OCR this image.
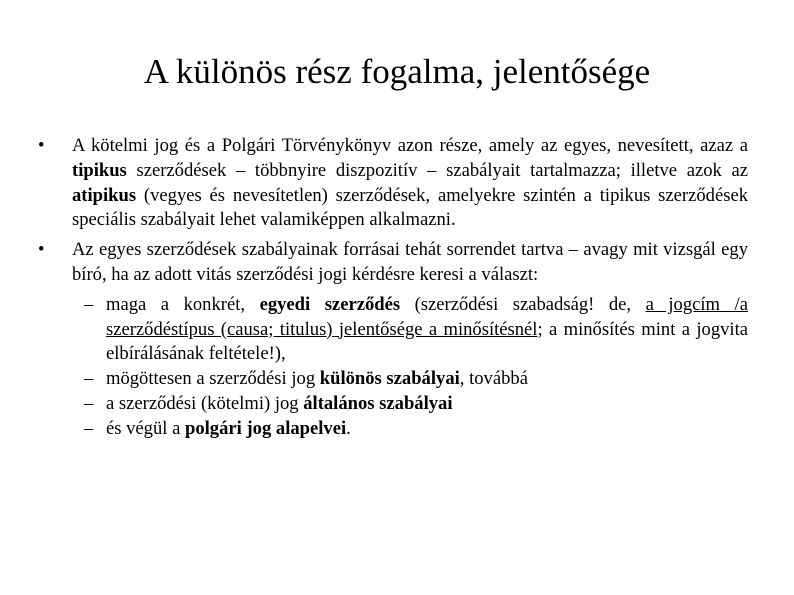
A különös rész fogalma, jelentősége
• A kötelmi jog és a Polgári Törvénykönyv azon része, amely az egyes, nevesített, azaz a tipikus szerződések – többnyire diszpozitív – szabályait tartalmazza; illetve azok az atipikus (vegyes és nevesítetlen) szerződések, amelyekre szintén a tipikus szerződések speciális szabályait lehet valamiképpen alkalmazni.
• Az egyes szerződések szabályainak forrásai tehát sorrendet tartva – avagy mit vizsgál egy bíró, ha az adott vitás szerződési jogi kérdésre keresi a választ:
– maga a konkrét, egyedi szerződés (szerződési szabadság! de, a jogcím /a szerződéstípus (causa; titulus) jelentősége a minősítésnél; a minősítés mint a jogvita elbírálásának feltétele!),
– mögöttesen a szerződési jog különös szabályai, továbbá
– a szerződési (kötelmi) jog általános szabályai
– és végül a polgári jog alapelvei.
